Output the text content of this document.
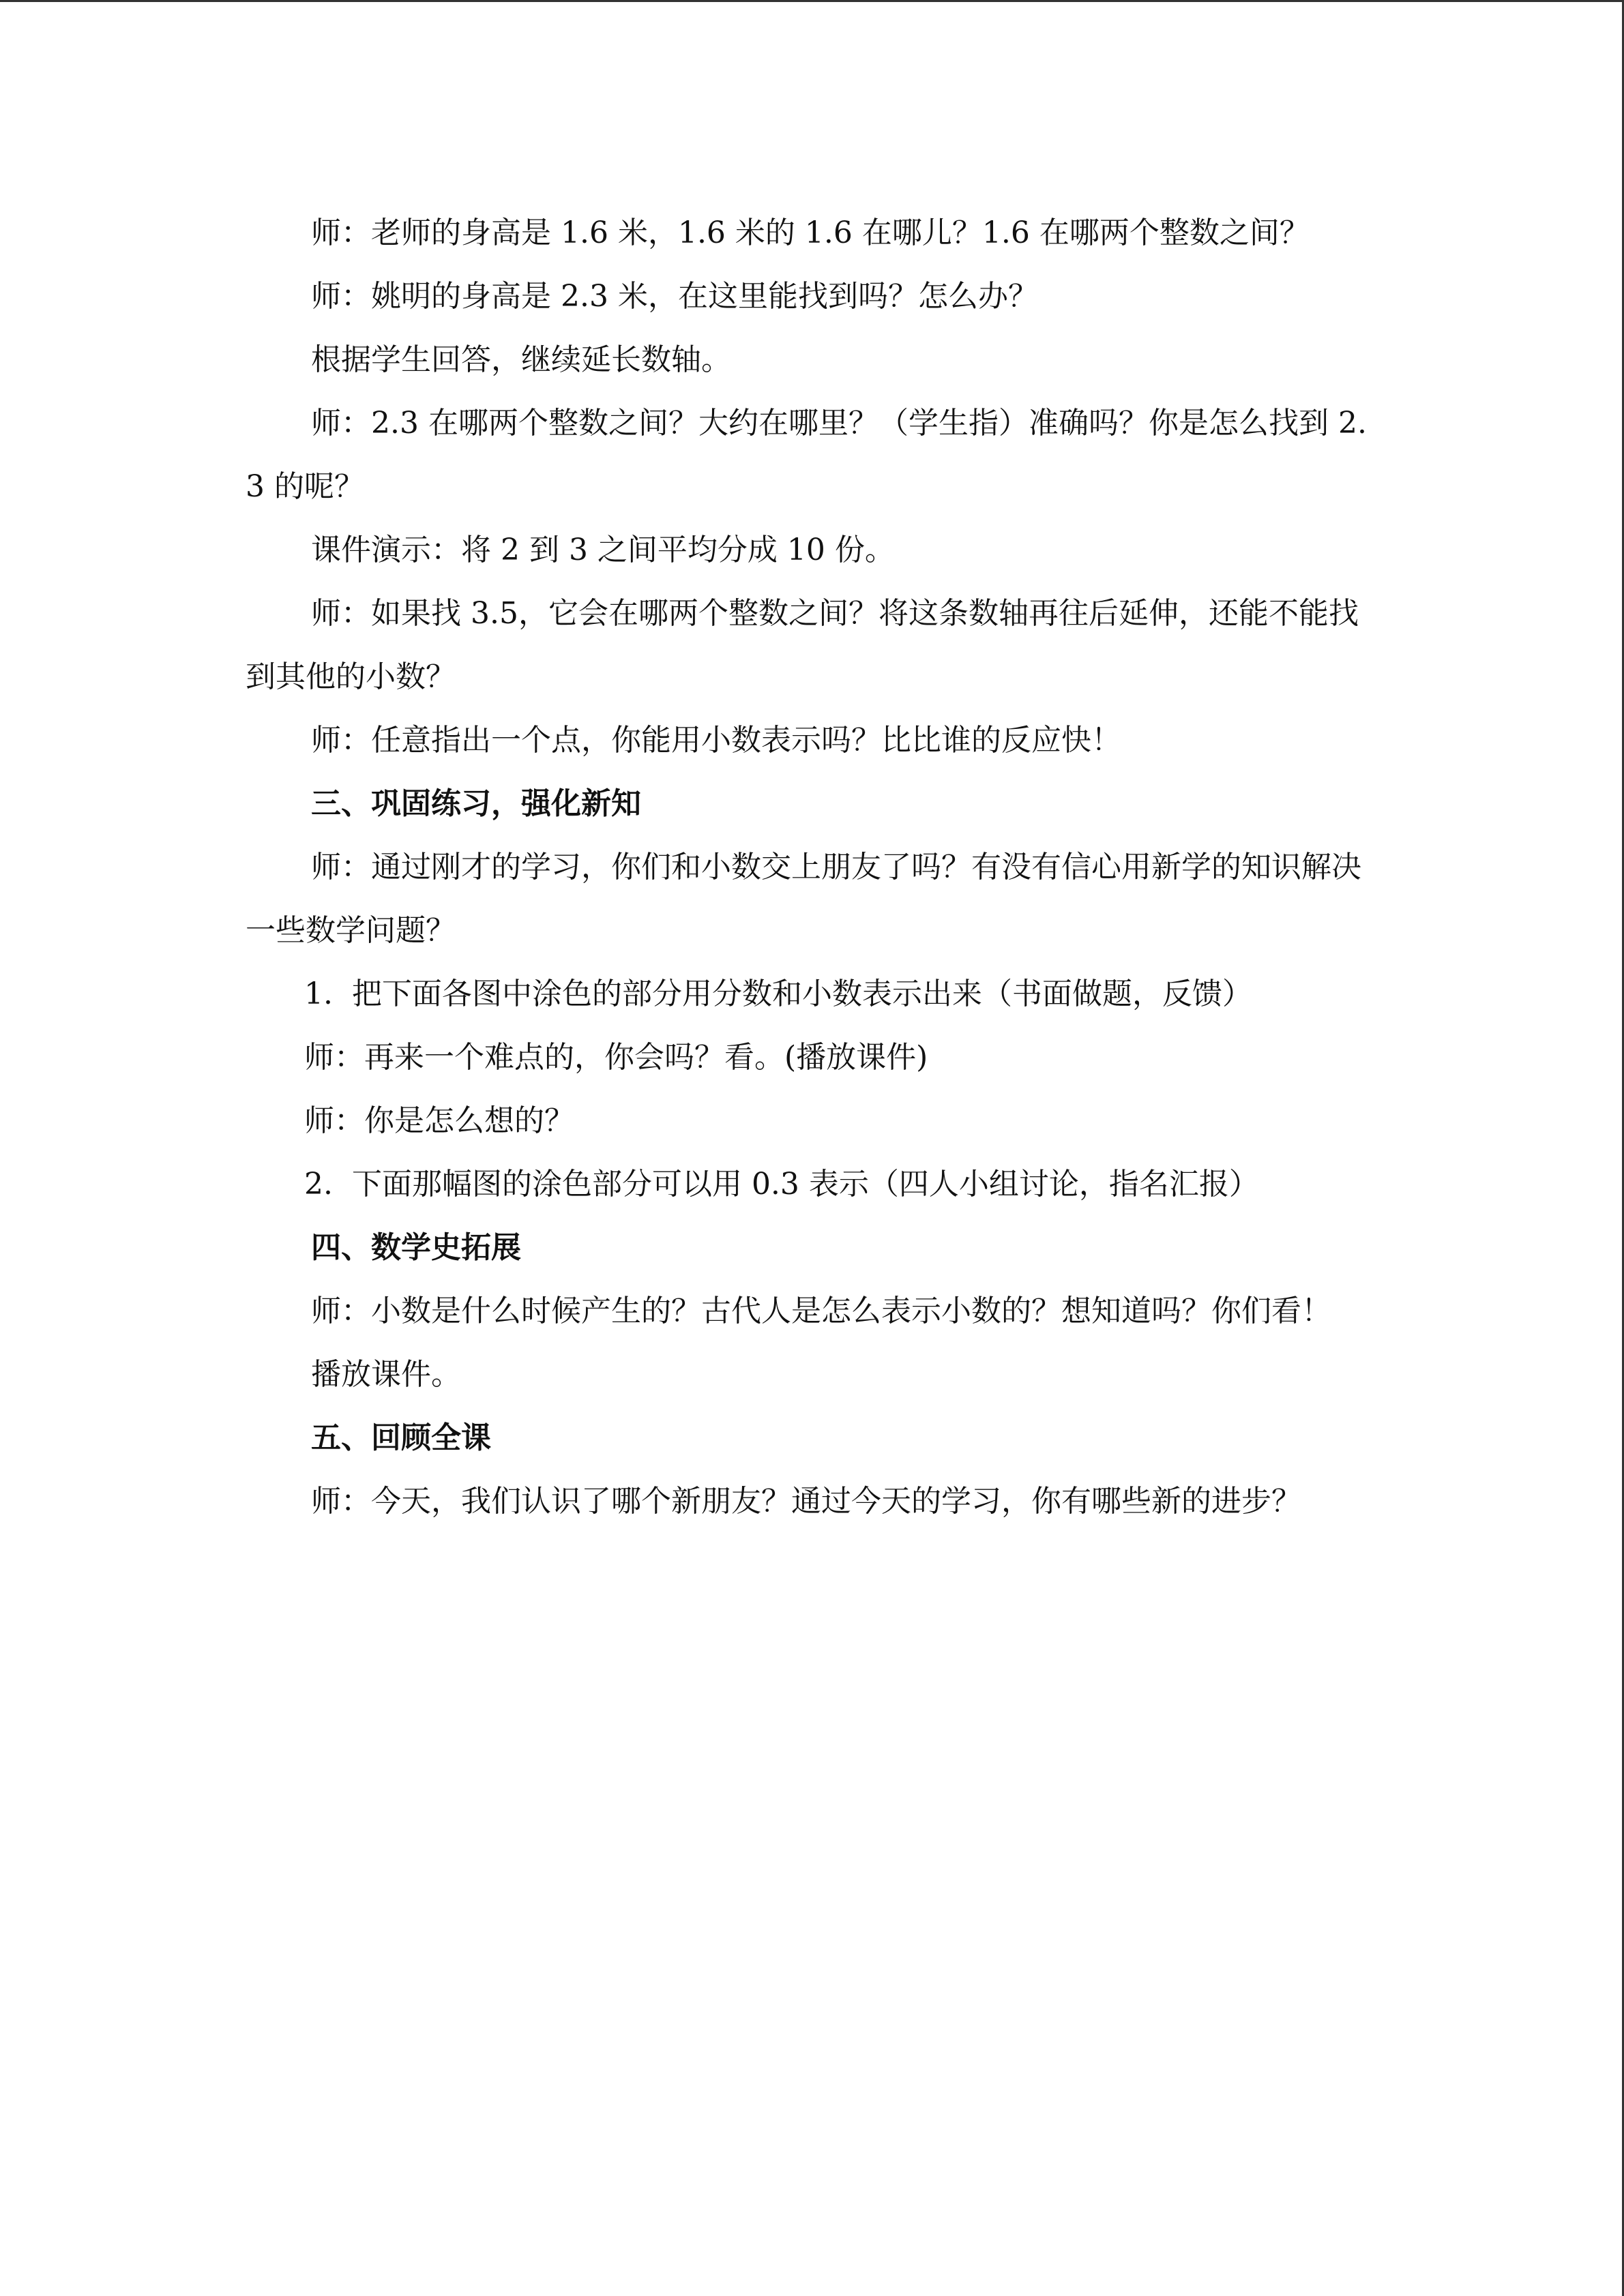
师：老师的身高是 1.6 米，1.6 米的 1.6 在哪儿？1.6 在哪两个整数之间？

师：姚明的身高是 2.3 米，在这里能找到吗？怎么办？

根据学生回答，继续延长数轴。

师：2.3 在哪两个整数之间？大约在哪里？（学生指）准确吗？你是怎么找到 2.3 的呢？

课件演示：将 2 到 3 之间平均分成 10 份。

师：如果找 3.5，它会在哪两个整数之间？将这条数轴再往后延伸，还能不能找到其他的小数？

师：任意指出一个点，你能用小数表示吗？比比谁的反应快！

三、巩固练习，强化新知

师：通过刚才的学习，你们和小数交上朋友了吗？有没有信心用新学的知识解决一些数学问题？

1.  把下面各图中涂色的部分用分数和小数表示出来（书面做题，反馈）

师：再来一个难点的，你会吗？看。(播放课件)

师：你是怎么想的？

2.  下面那幅图的涂色部分可以用 0.3 表示（四人小组讨论，指名汇报）

四、数学史拓展

师：小数是什么时候产生的？古代人是怎么表示小数的？想知道吗？你们看！

播放课件。

五、回顾全课

师：今天，我们认识了哪个新朋友？通过今天的学习，你有哪些新的进步？
